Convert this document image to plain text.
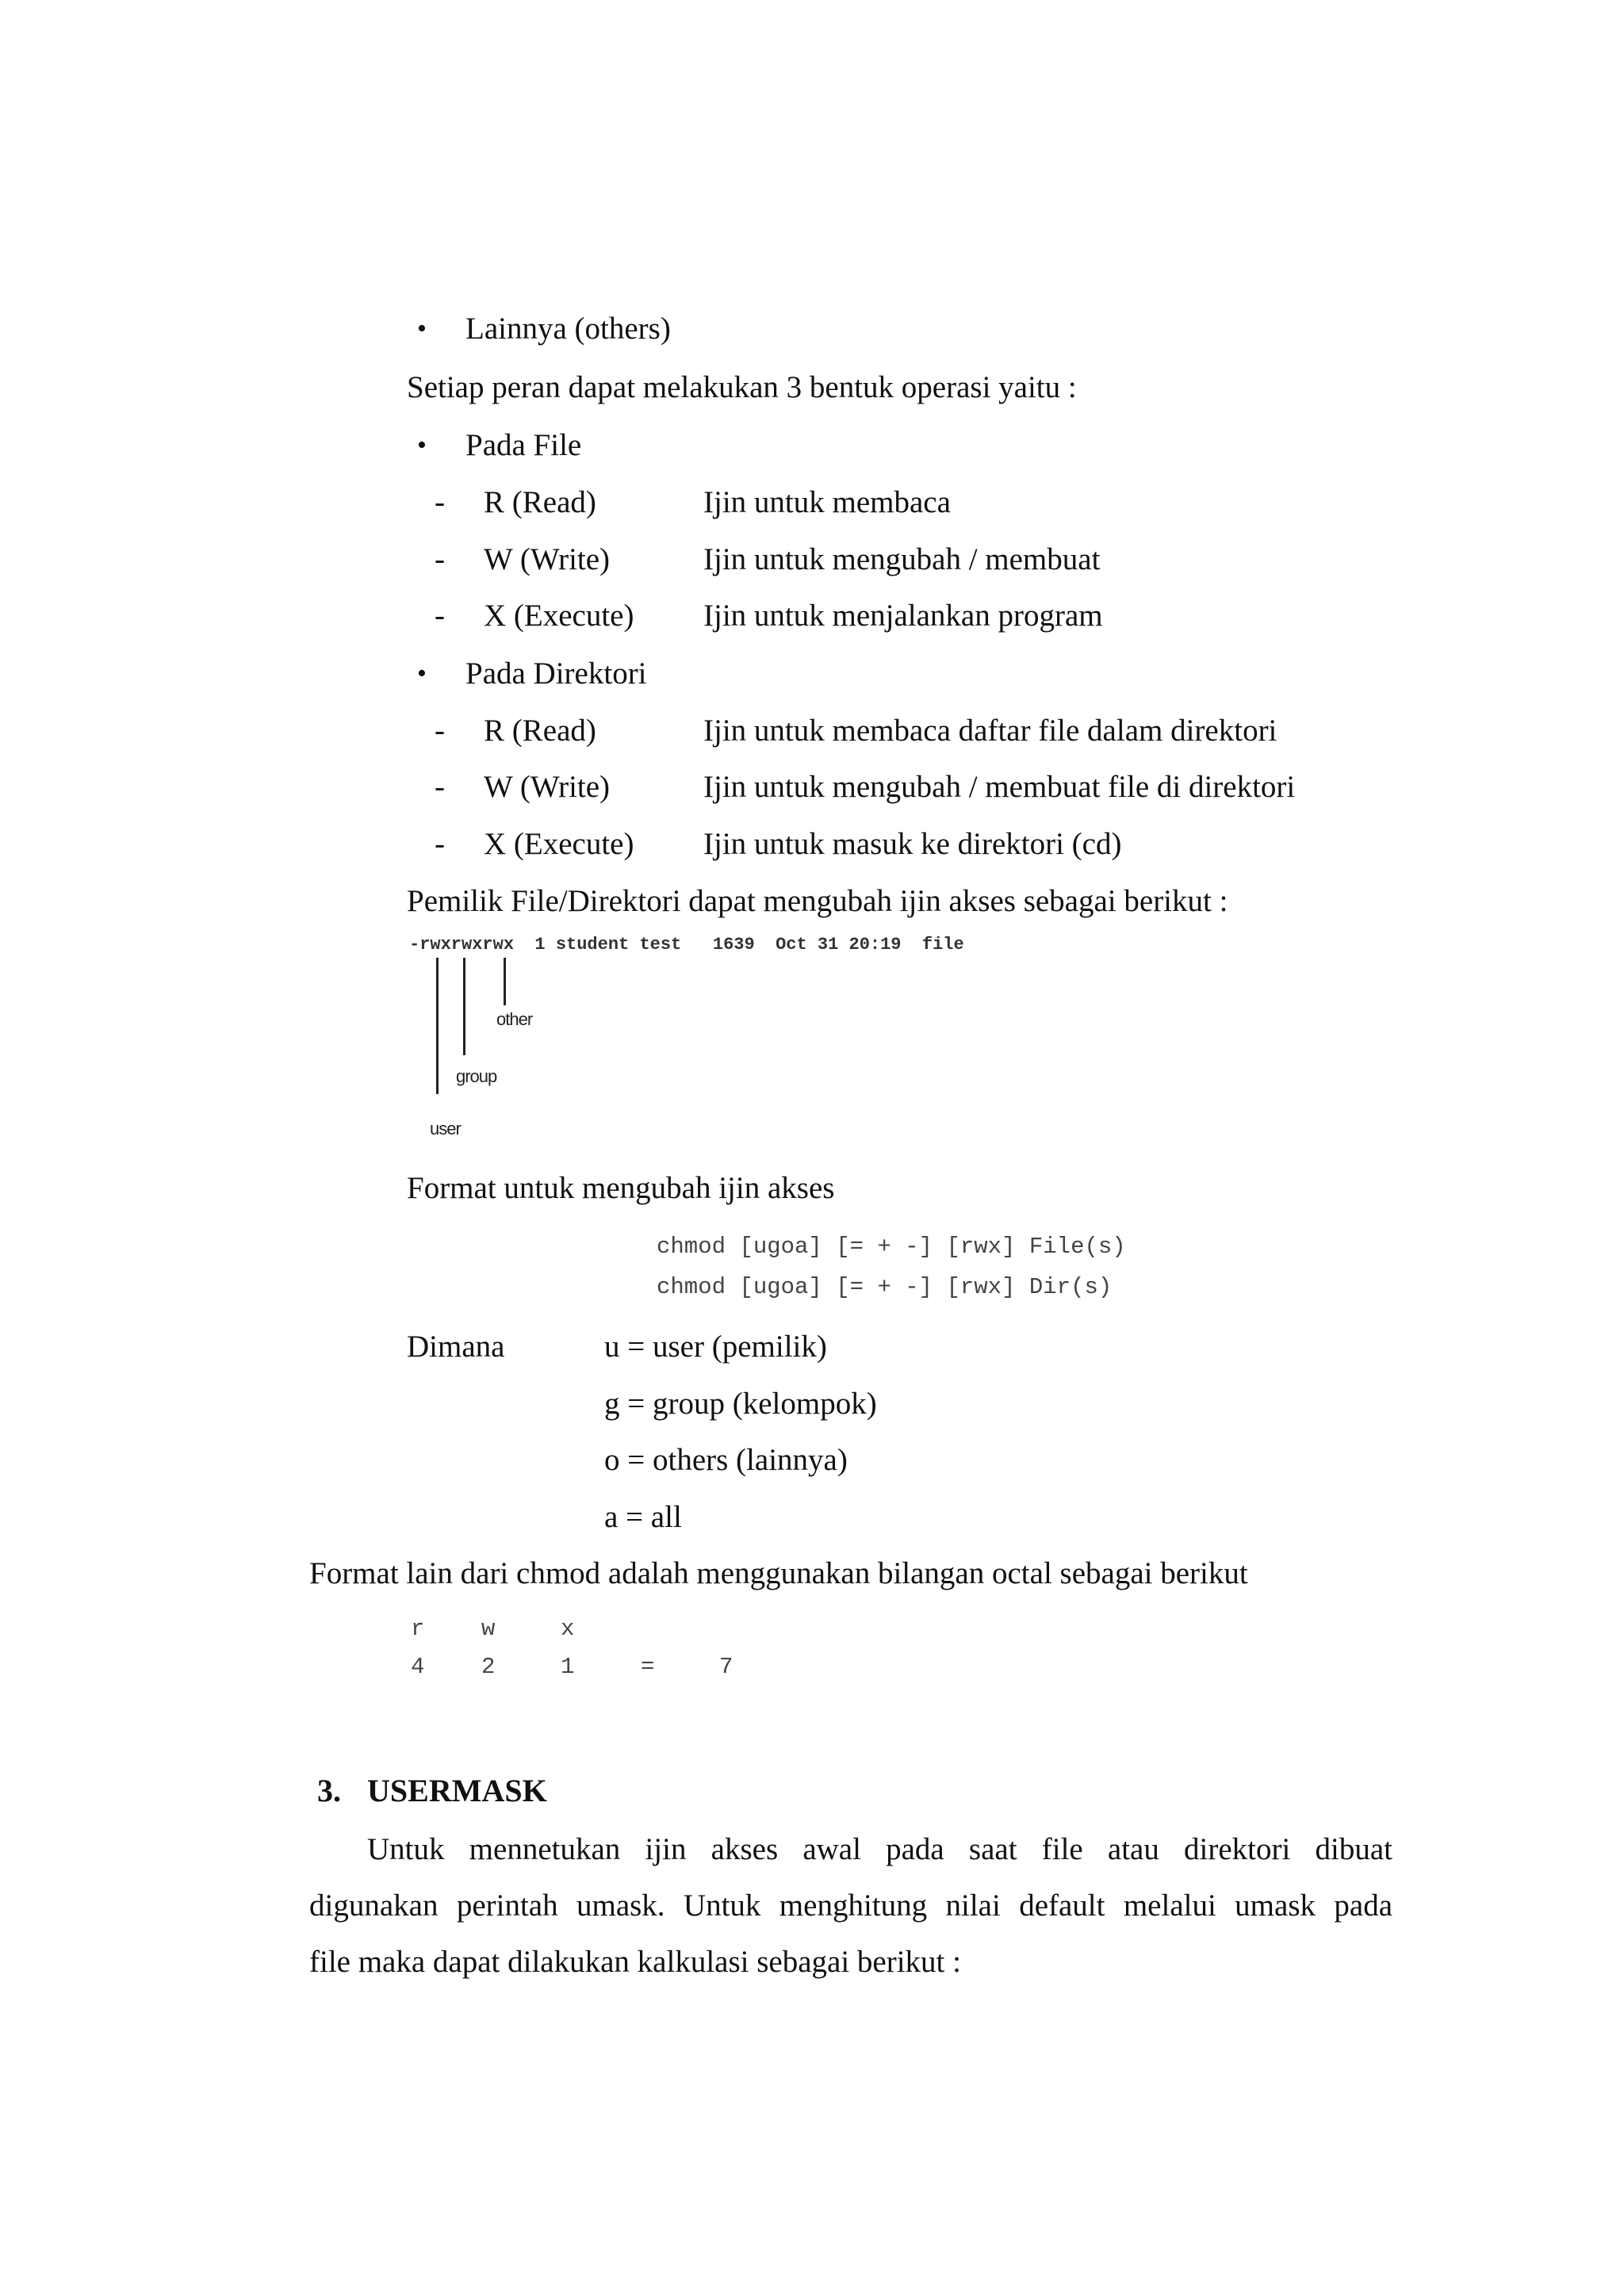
• Lainnya (others)
Setiap peran dapat melakukan 3 bentuk operasi yaitu :
• Pada File
- R (Read)	Ijin untuk membaca
- W (Write)	Ijin untuk mengubah / membuat
- X (Execute) Ijin untuk menjalankan program
• Pada Direktori
- R (Read)	Ijin untuk membaca daftar file dalam direktori
- W (Write)	Ijin untuk mengubah / membuat file di direktori
- X (Execute) Ijin untuk masuk ke direktori (cd)
Pemilik File/Direktori dapat mengubah ijin akses sebagai berikut :
-rwxrwxrwx  1 student test   1639  Oct 31 20:19  file
other
group
user
Format untuk mengubah ijin akses
chmod [ugoa] [= + -] [rwx] File(s)
chmod [ugoa] [= + -] [rwx] Dir(s)
Dimana	u = user (pemilik)
g = group (kelompok)
o = others (lainnya)
a = all
Format lain dari chmod adalah menggunakan bilangan octal sebagai berikut
r w	x
4 2	1	=	7
3. USERMASK
Untuk mennetukan ijin akses awal pada saat file atau direktori dibuat
digunakan perintah umask. Untuk menghitung nilai default melalui umask pada
file maka dapat dilakukan kalkulasi sebagai berikut :
